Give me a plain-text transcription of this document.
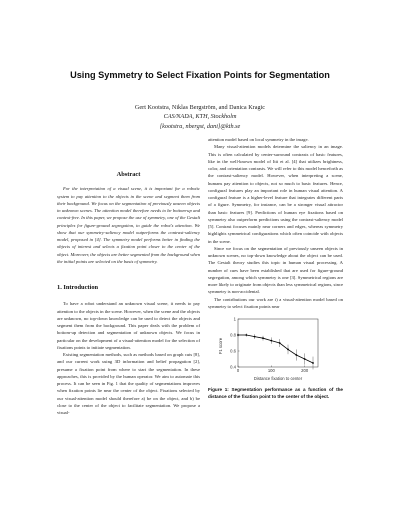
Using Symmetry to Select Fixation Points for Segmentation
Gert Kootstra, Niklas Bergström, and Danica Kragic
CAS/NADA, KTH, Stockholm
[kootstra, nbergst, dani]@kth.se
Abstract

For the interpretation of a visual scene, it is important for a robotic system to pay attention to the objects in the scene and segment them from their background. We focus on the segmentation of previously unseen objects in unknown scenes. The attention model therefore needs to be bottom-up and context-free. In this paper, we propose the use of symmetry, one of the Gestalt principles for figure-ground segregation, to guide the robot's attention. We show that our symmetry-saliency model outperforms the contrast-saliency model, proposed in [4]. The symmetry model performs better in finding the objects of interest and selects a fixation point closer to the center of the object. Moreover, the objects are better segmented from the background when the initial points are selected on the basis of symmetry.

1. Introduction

To have a robot understand an unknown visual scene, it needs to pay attention to the objects in the scene. However, when the scene and the objects are unknown, no top-down knowledge can be used to detect the objects and segment them from the background. This paper deals with the problem of bottom-up detection and segmentation of unknown objects. We focus in particular on the development of a visual-attention model for the selection of fixations points to initiate segmentation.

Existing segmentation methods, such as methods based on graph cuts [8], and our current work using 3D information and belief propagation [2], presume a fixation point from where to start the segmentation. In these approaches, this is provided by the human operator. We aim to automate this process. It can be seen in Fig. 1 that the quality of segmentations improves when fixation points lie near the center of the object. Fixations selected by our visual-attention model should therefore a) be on the object, and b) be close to the center of the object to facilitate segmentation. We propose a visual-

attention model based on local symmetry in the image.

Many visual-attention models determine the saliency in an image. This is often calculated by center-surround contrasts of basic features, like in the well-known model of Itti et al. [4] that utilizes brightness, color, and orientation contrasts. We will refer to this model henceforth as the contrast-saliency model. However, when interpreting a scene, humans pay attention to objects, not so much to basic features. Hence, configural features play an important role in human visual attention. A configural feature is a higher-level feature that integrates different parts of a figure. Symmetry, for instance, can be a stronger visual attractor than basic features [9]. Predictions of human eye fixations based on symmetry also outperform predictions using the contrast-saliency model [5]. Contrast focuses mainly near corners and edges, whereas symmetry highlights symmetrical configurations which often coincide with objects in the scene.

Since we focus on the segmentation of previously unseen objects in unknown scenes, no top-down knowledge about the object can be used. The Gestalt theory studies this topic in human visual processing. A number of cues have been established that are used for figure-ground segregation, among which symmetry is one [3]. Symmetrical regions are more likely to originate from objects than less symmetrical regions, since symmetry is non-accidental.

The contributions our work are i) a visual-attention model based on symmetry to select fixation points near

F1 score
Distance fixation to center
0.4
0.6
0.8
1
0	100	200
Figure 1: Segmentation performance as a function of the distance of the fixation point to the center of the object.
